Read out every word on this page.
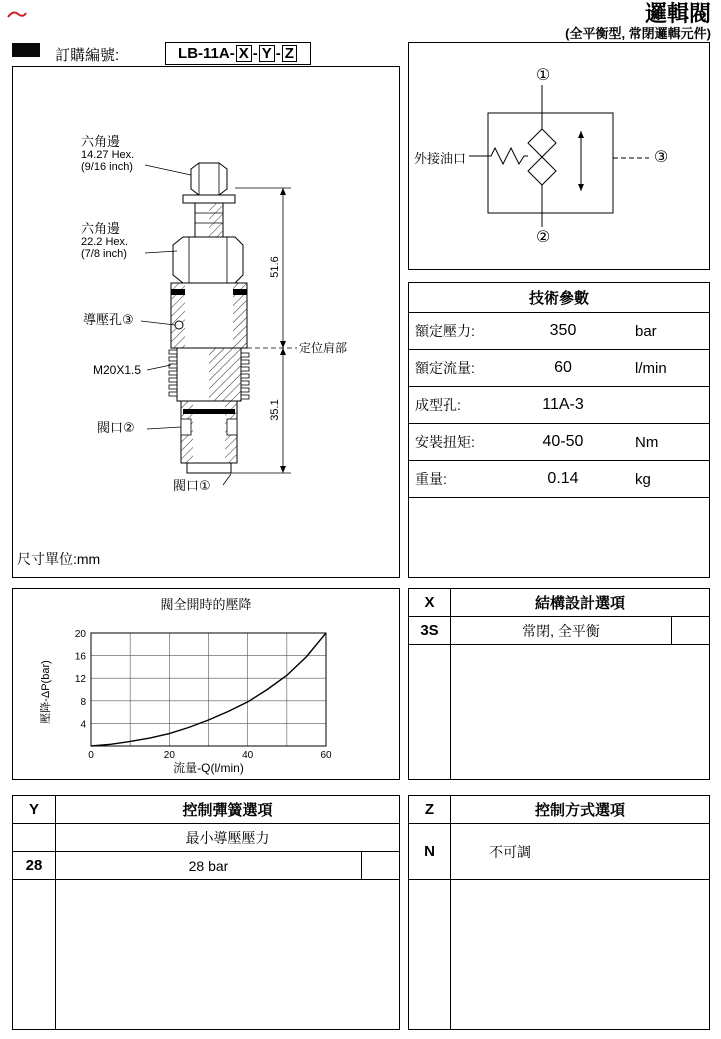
邏輯閥
(全平衡型, 常閉邏輯元件)
訂購編號:	LB-11A- X - Y - Z
六角邊
14.27 Hex.
(9/16 inch)
六角邊
22.2 Hex.
(7/8 inch)
導壓孔③
M20X1.5
閥口②
閥口①
定位肩部
51.6
35.1
尺寸單位:mm
①
②
③
外接油口
技術參數
額定壓力:	350	bar
額定流量:	60	l/min
成型孔:	11A-3
安裝扭矩:	40-50	Nm
重量:	0.14	kg
閥全開時的壓降
壓降-ΔP(bar)
流量-Q(l/min)
0	20	40	60
4
8
12
16
20
X	結構設計選項
3S	常閉, 全平衡
Y	控制彈簧選項
最小導壓壓力
28	28 bar
Z	控制方式選項
N	不可調
